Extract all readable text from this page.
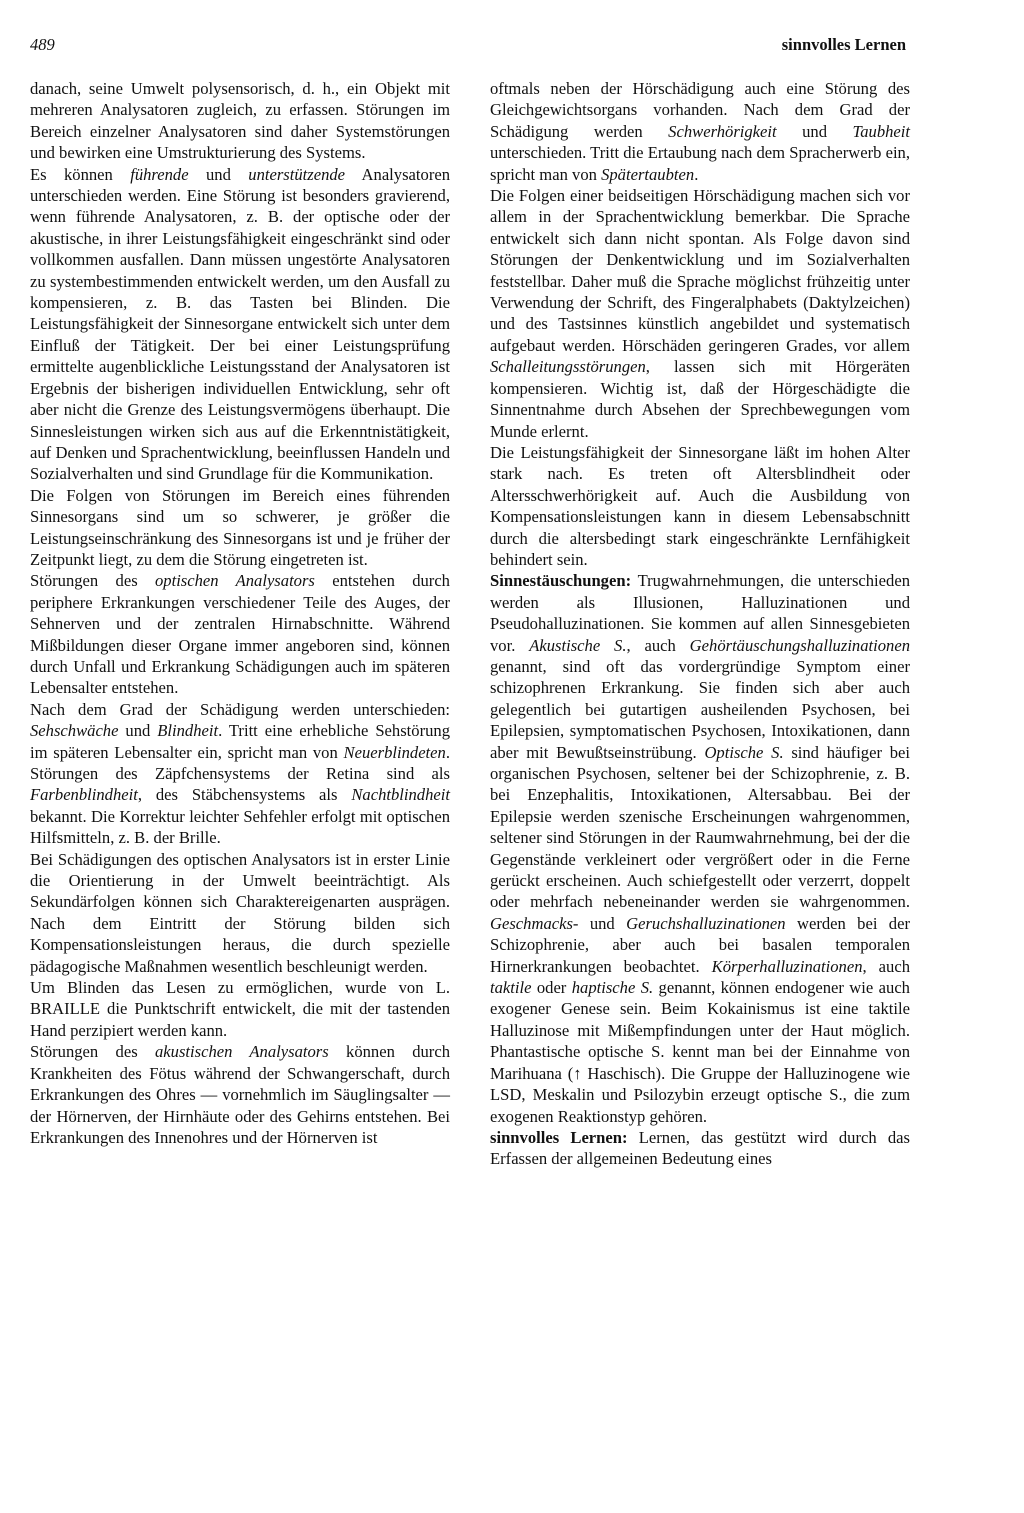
489	sinnvolles Lernen

danach, seine Umwelt polysensorisch, d. h., ein Objekt mit mehreren Analysatoren zugleich, zu erfassen. Störungen im Bereich einzelner Analysatoren sind daher Systemstörungen und bewirken eine Umstrukturierung des Systems.

Es können führende und unterstützende Analysatoren unterschieden werden. Eine Störung ist besonders gravierend, wenn führende Analysatoren, z. B. der optische oder der akustische, in ihrer Leistungsfähigkeit eingeschränkt sind oder vollkommen ausfallen. Dann müssen ungestörte Analysatoren zu systembestimmenden entwickelt werden, um den Ausfall zu kompensieren, z. B. das Tasten bei Blinden. Die Leistungsfähigkeit der Sinnesorgane entwickelt sich unter dem Einfluß der Tätigkeit. Der bei einer Leistungsprüfung ermittelte augenblickliche Leistungsstand der Analysatoren ist Ergebnis der bisherigen individuellen Entwicklung, sehr oft aber nicht die Grenze des Leistungsvermögens überhaupt. Die Sinnesleistungen wirken sich aus auf die Erkenntnistätigkeit, auf Denken und Sprachentwicklung, beeinflussen Handeln und Sozialverhalten und sind Grundlage für die Kommunikation.

Die Folgen von Störungen im Bereich eines führenden Sinnesorgans sind um so schwerer, je größer die Leistungseinschränkung des Sinnesorgans ist und je früher der Zeitpunkt liegt, zu dem die Störung eingetreten ist.

Störungen des optischen Analysators entstehen durch periphere Erkrankungen verschiedener Teile des Auges, der Sehnerven und der zentralen Hirnabschnitte. Während Mißbildungen dieser Organe immer angeboren sind, können durch Unfall und Erkrankung Schädigungen auch im späteren Lebensalter entstehen.

Nach dem Grad der Schädigung werden unterschieden: Sehschwäche und Blindheit. Tritt eine erhebliche Sehstörung im späteren Lebensalter ein, spricht man von Neuerblindeten. Störungen des Zäpfchensystems der Retina sind als Farbenblindheit, des Stäbchensystems als Nachtblindheit bekannt. Die Korrektur leichter Sehfehler erfolgt mit optischen Hilfsmitteln, z. B. der Brille.

Bei Schädigungen des optischen Analysators ist in erster Linie die Orientierung in der Umwelt beeinträchtigt. Als Sekundärfolgen können sich Charaktereigenarten ausprägen. Nach dem Eintritt der Störung bilden sich Kompensationsleistungen heraus, die durch spezielle pädagogische Maßnahmen wesentlich beschleunigt werden.

Um Blinden das Lesen zu ermöglichen, wurde von L. BRAILLE die Punktschrift entwickelt, die mit der tastenden Hand perzipiert werden kann.

Störungen des akustischen Analysators können durch Krankheiten des Fötus während der Schwangerschaft, durch Erkrankungen des Ohres — vornehmlich im Säuglingsalter — der Hörnerven, der Hirnhäute oder des Gehirns entstehen. Bei Erkrankungen des Innenohres und der Hörnerven ist

oftmals neben der Hörschädigung auch eine Störung des Gleichgewichtsorgans vorhanden. Nach dem Grad der Schädigung werden Schwerhörigkeit und Taubheit unterschieden. Tritt die Ertaubung nach dem Spracherwerb ein, spricht man von Spätertaubten.

Die Folgen einer beidseitigen Hörschädigung machen sich vor allem in der Sprachentwicklung bemerkbar. Die Sprache entwickelt sich dann nicht spontan. Als Folge davon sind Störungen der Denkentwicklung und im Sozialverhalten feststellbar. Daher muß die Sprache möglichst frühzeitig unter Verwendung der Schrift, des Fingeralphabets (Daktylzeichen) und des Tastsinnes künstlich angebildet und systematisch aufgebaut werden. Hörschäden geringeren Grades, vor allem Schalleitungsstörungen, lassen sich mit Hörgeräten kompensieren. Wichtig ist, daß der Hörgeschädigte die Sinnentnahme durch Absehen der Sprechbewegungen vom Munde erlernt.

Die Leistungsfähigkeit der Sinnesorgane läßt im hohen Alter stark nach. Es treten oft Altersblindheit oder Altersschwerhörigkeit auf. Auch die Ausbildung von Kompensationsleistungen kann in diesem Lebensabschnitt durch die altersbedingt stark eingeschränkte Lernfähigkeit behindert sein.

Sinnestäuschungen: Trugwahrnehmungen, die unterschieden werden als Illusionen, Halluzinationen und Pseudohalluzinationen. Sie kommen auf allen Sinnesgebieten vor. Akustische S., auch Gehörtäuschungshalluzinationen genannt, sind oft das vordergründige Symptom einer schizophrenen Erkrankung. Sie finden sich aber auch gelegentlich bei gutartigen ausheilenden Psychosen, bei Epilepsien, symptomatischen Psychosen, Intoxikationen, dann aber mit Bewußtseinstrübung. Optische S. sind häufiger bei organischen Psychosen, seltener bei der Schizophrenie, z. B. bei Enzephalitis, Intoxikationen, Altersabbau. Bei der Epilepsie werden szenische Erscheinungen wahrgenommen, seltener sind Störungen in der Raumwahrnehmung, bei der die Gegenstände verkleinert oder vergrößert oder in die Ferne gerückt erscheinen. Auch schiefgestellt oder verzerrt, doppelt oder mehrfach nebeneinander werden sie wahrgenommen. Geschmacks- und Geruchshalluzinationen werden bei der Schizophrenie, aber auch bei basalen temporalen Hirnerkrankungen beobachtet. Körperhalluzinationen, auch taktile oder haptische S. genannt, können endogener wie auch exogener Genese sein. Beim Kokainismus ist eine taktile Halluzinose mit Mißempfindungen unter der Haut möglich. Phantastische optische S. kennt man bei der Einnahme von Marihuana (↑ Haschisch). Die Gruppe der Halluzinogene wie LSD, Meskalin und Psilozybin erzeugt optische S., die zum exogenen Reaktionstyp gehören.

sinnvolles Lernen: Lernen, das gestützt wird durch das Erfassen der allgemeinen Bedeutung eines
